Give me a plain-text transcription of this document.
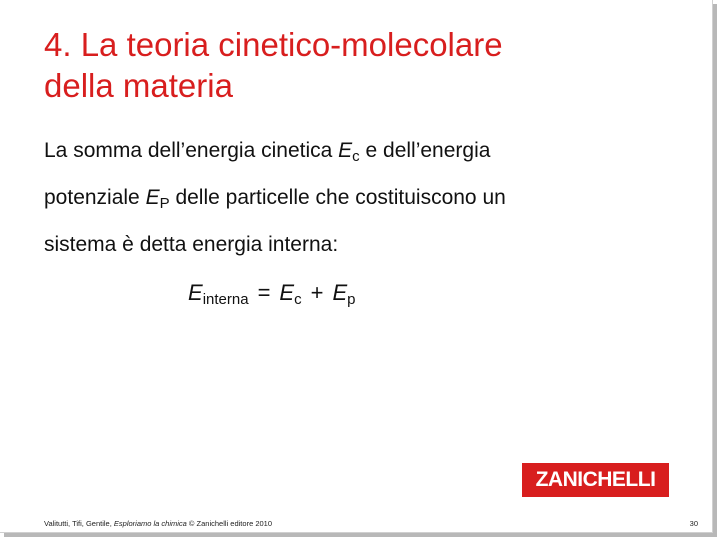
4. La teoria cinetico-molecolare
della materia
La somma dell’energia cinetica Ec e dell’energia
potenziale EP delle particelle che costituiscono un
sistema è detta energia interna:
Einterna = Ec + Ep
ZANICHELLI
Valitutti, Tifi, Gentile, Esploriamo la chimica © Zanichelli editore 2010	30
